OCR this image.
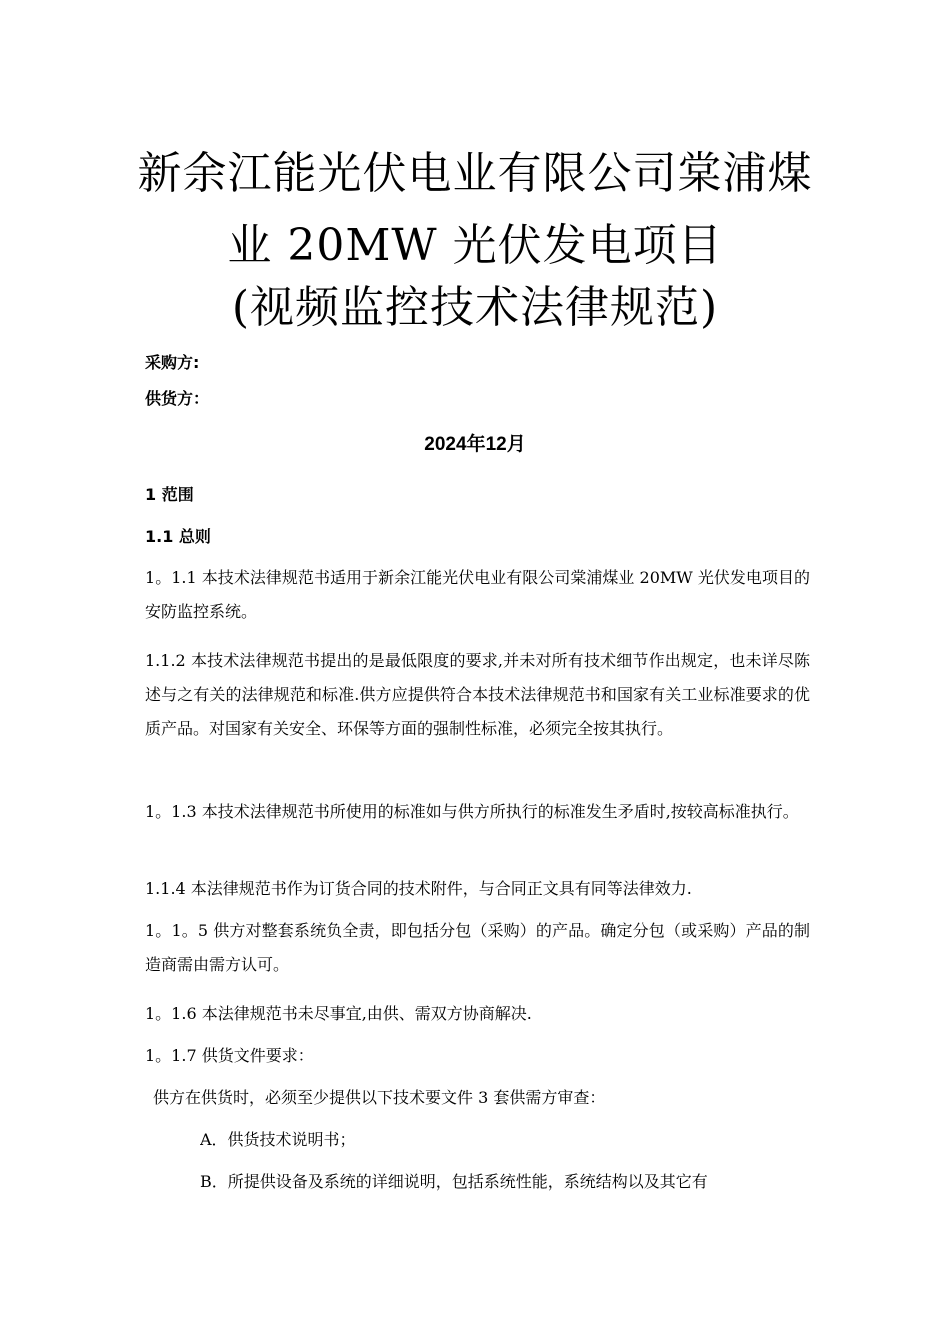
新余江能光伏电业有限公司棠浦煤
业 20MW 光伏发电项目
(视频监控技术法律规范)
采购方:
供货方：
2024年12月
1 范围
1.1 总则

1。1.1 本技术法律规范书适用于新余江能光伏电业有限公司棠浦煤业 20MW 光伏发电项目的安防监控系统。

1.1.2 本技术法律规范书提出的是最低限度的要求,并未对所有技术细节作出规定，也未详尽陈述与之有关的法律规范和标准.供方应提供符合本技术法律规范书和国家有关工业标准要求的优质产品。对国家有关安全、环保等方面的强制性标准，必须完全按其执行。

1。1.3 本技术法律规范书所使用的标准如与供方所执行的标准发生矛盾时,按较高标准执行。

1.1.4 本法律规范书作为订货合同的技术附件，与合同正文具有同等法律效力.

1。1。5 供方对整套系统负全责，即包括分包（采购）的产品。确定分包（或采购）产品的制造商需由需方认可。

1。1.6 本法律规范书未尽事宜,由供、需双方协商解决.

1。1.7 供货文件要求：

供方在供货时，必须至少提供以下技术要文件 3 套供需方审查：

A．供货技术说明书；
B．所提供设备及系统的详细说明，包括系统性能，系统结构以及其它有
